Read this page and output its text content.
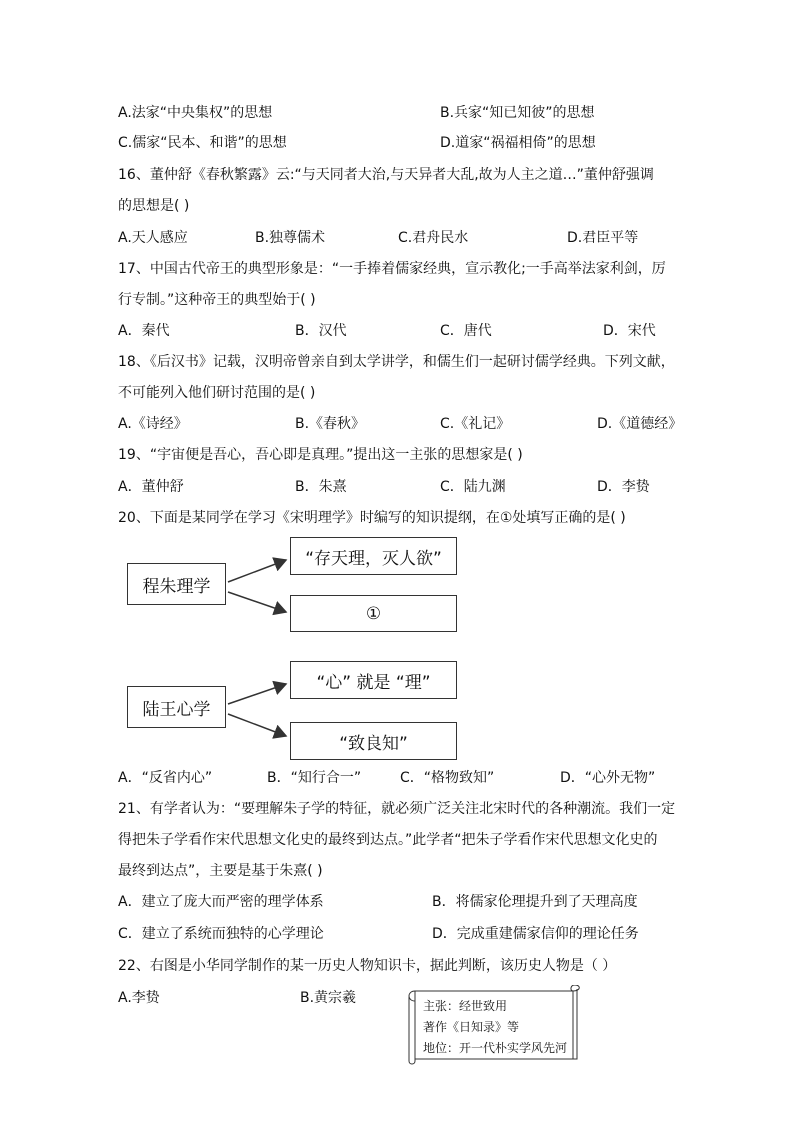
A.法家“中央集权”的思想	B.兵家“知已知彼”的思想
C.儒家“民本、和谐”的思想	D.道家“祸福相倚”的思想
16、董仲舒《春秋繁露》云:“与天同者大治,与天异者大乱,故为人主之道…”董仲舒强调
的思想是( )
A.天人感应	B.独尊儒术	C.君舟民水	D.君臣平等
17、中国古代帝王的典型形象是：“一手捧着儒家经典，宣示教化;一手高举法家利剑，厉
行专制。”这种帝王的典型始于( )
A．秦代	B．汉代	C．唐代	D．宋代
18、《后汉书》记载，汉明帝曾亲自到太学讲学，和儒生们一起研讨儒学经典。下列文献，
不可能列入他们研讨范围的是( )
A.《诗经》	B.《春秋》	C.《礼记》	D.《道德经》
19、“宇宙便是吾心，吾心即是真理。”提出这一主张的思想家是( )
A．董仲舒	B．朱熹	C．陆九渊	D．李贽
20、下面是某同学在学习《宋明理学》时编写的知识提纲，在①处填写正确的是( )
程朱理学
“存天理，灭人欲”
①
陆王心学
“心” 就是 “理”
“致良知”
A．“反省内心”	B．“知行合一”	C．“格物致知”	D．“心外无物”
21、有学者认为：“要理解朱子学的特征，就必须广泛关注北宋时代的各种潮流。我们一定
得把朱子学看作宋代思想文化史的最终到达点。”此学者“把朱子学看作宋代思想文化史的
最终到达点”，主要是基于朱熹( )
A．建立了庞大而严密的理学体系	B．将儒家伦理提升到了天理高度
C．建立了系统而独特的心学理论	D．完成重建儒家信仰的理论任务
22、右图是小华同学制作的某一历史人物知识卡，据此判断，该历史人物是（ ）
A.李贽	B.黄宗羲	主张：经世致用
著作《日知录》等
地位：开一代朴实学风先河
